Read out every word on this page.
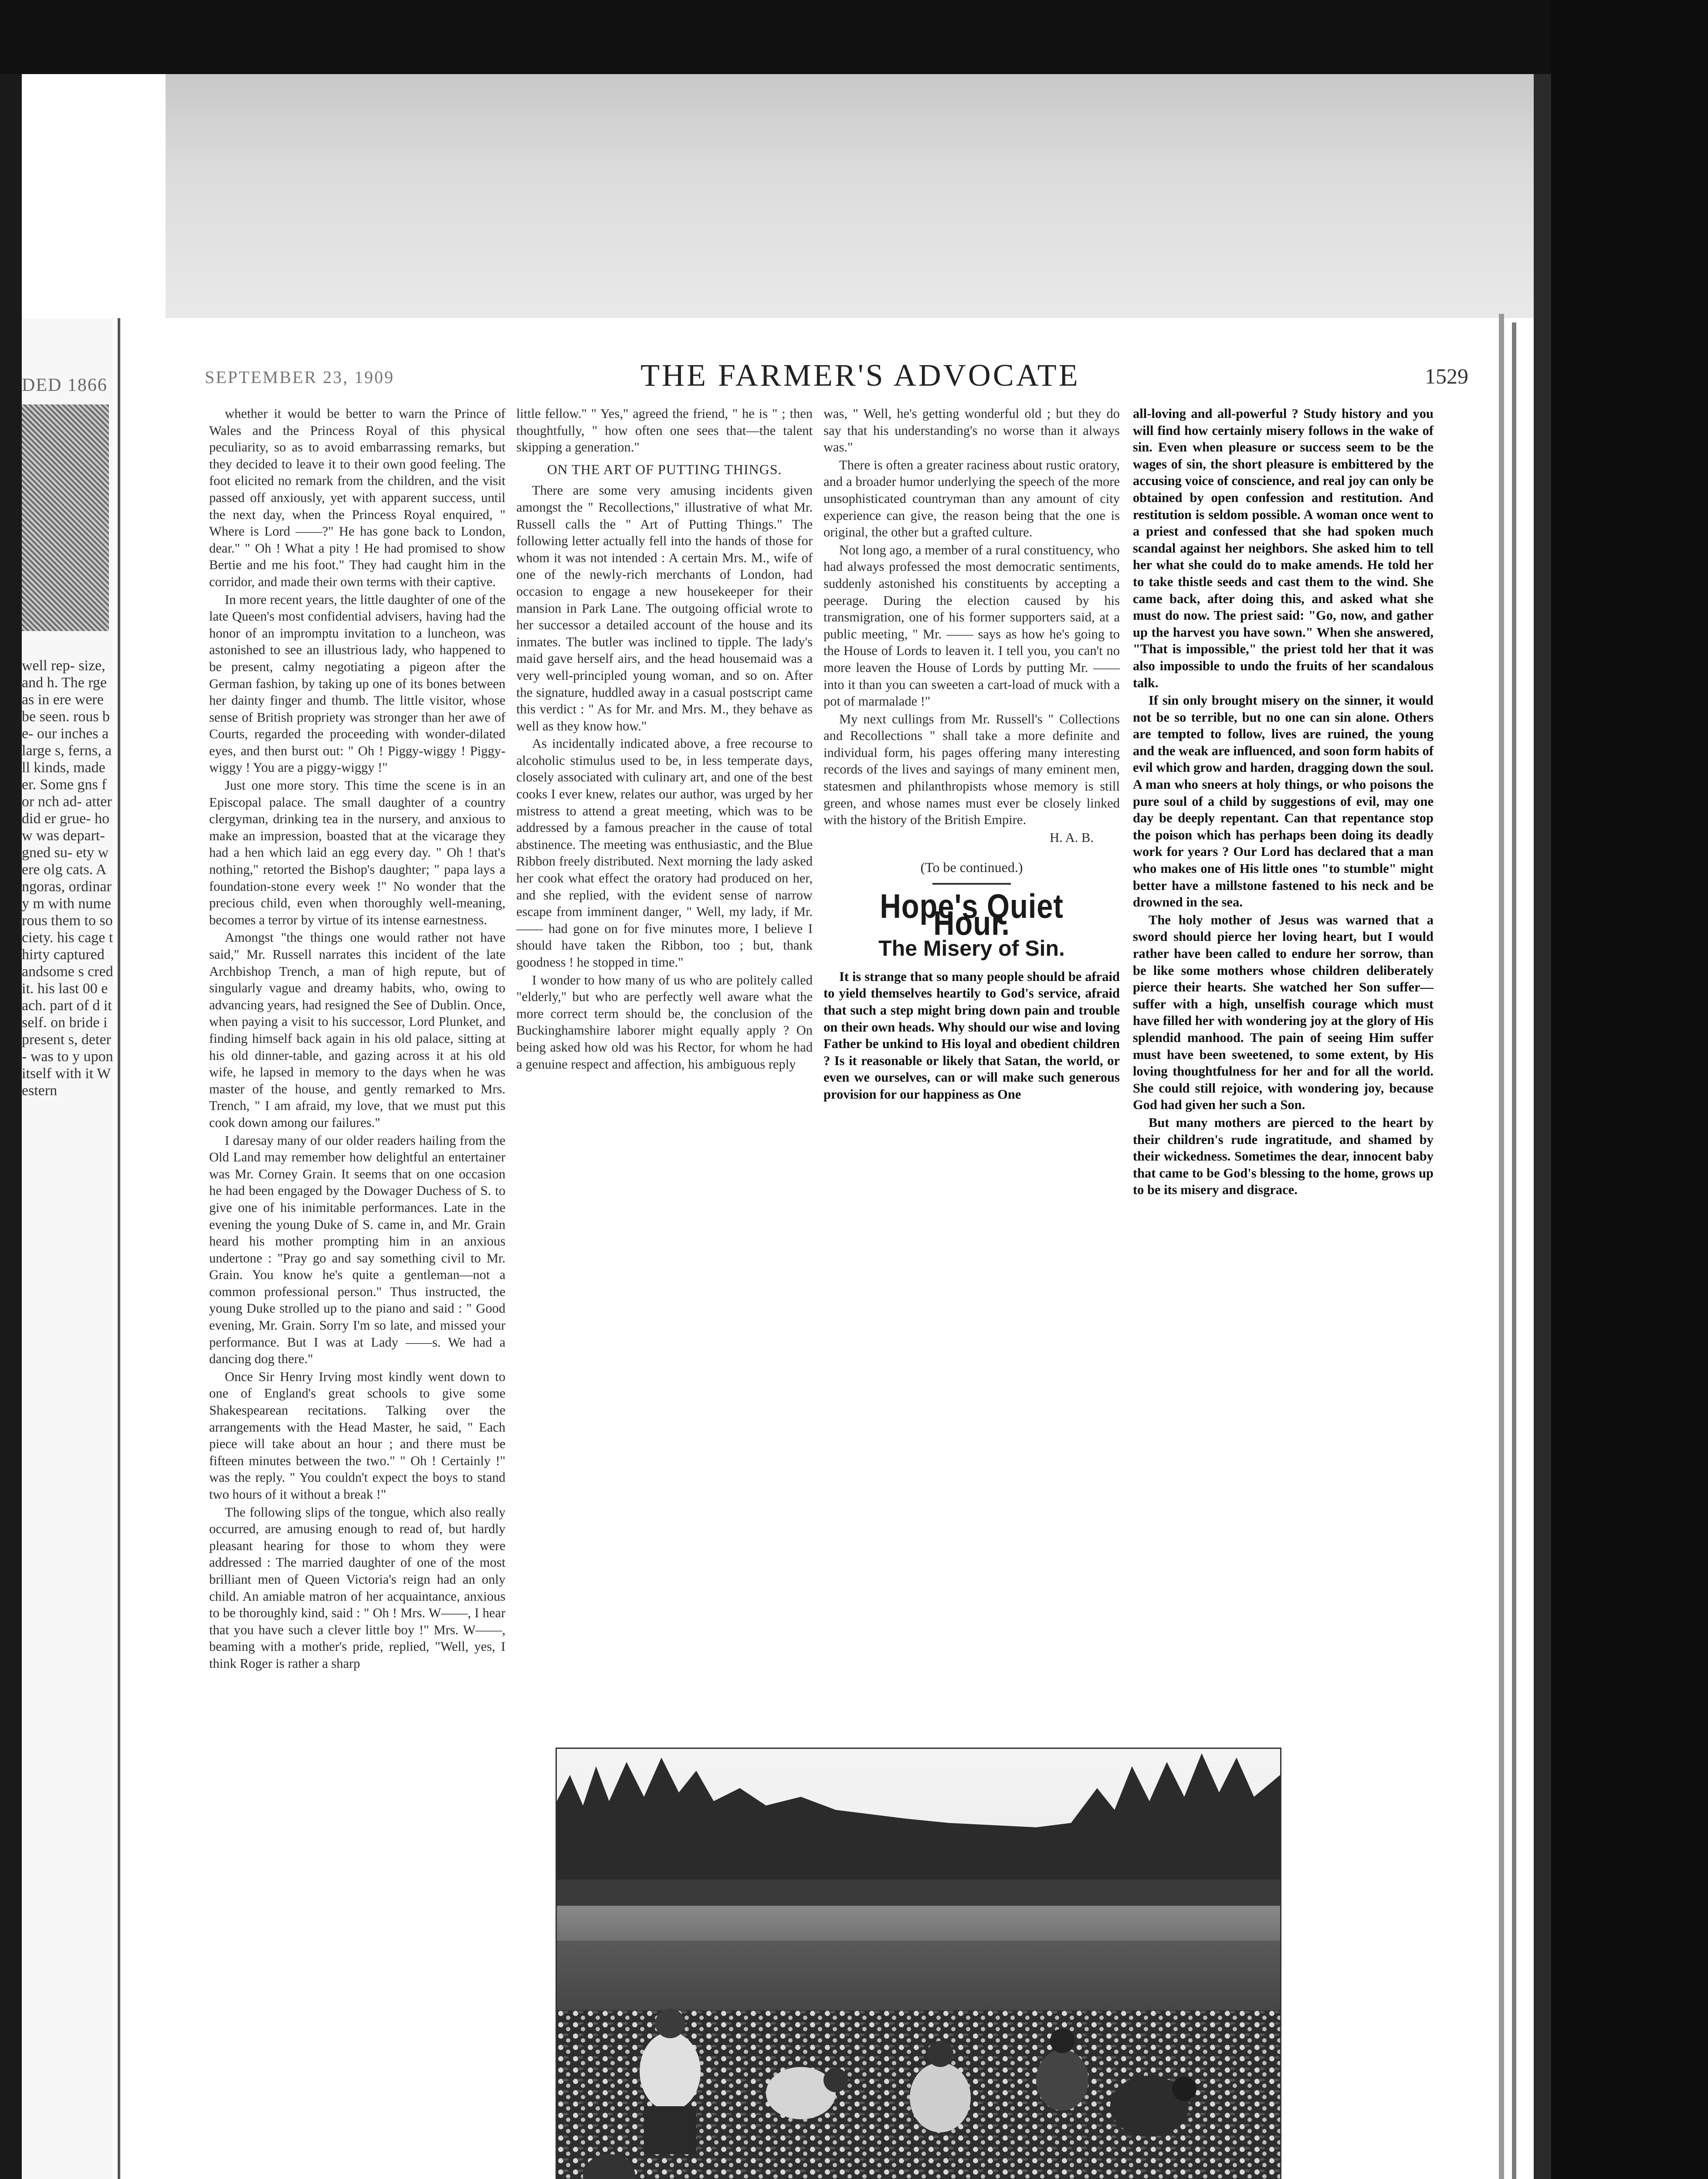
DED 1866
well rep- size, and h. The rge as in ere were be seen. rous be- our inches a large s, ferns, all kinds, made er. Some gns for nch ad- atter did er grue- how was depart- gned su- ety were olg cats. Angoras, ordinary m with numerous them to society. his cage thirty captured andsome s credit. his last 00 each. part of d itself. on bride ipresent s, deter- was to y upon itself with it Western
SEPTEMBER 23, 1909	THE FARMER'S ADVOCATE	1529

whether it would be better to warn the Prince of Wales and the Princess Royal of this physical peculiarity, so as to avoid embarrassing remarks, but they decided to leave it to their own good feeling. The foot elicited no remark from the children, and the visit passed off anxiously, yet with apparent success, until the next day, when the Princess Royal enquired, " Where is Lord ——?" He has gone back to London, dear." " Oh ! What a pity ! He had promised to show Bertie and me his foot." They had caught him in the corridor, and made their own terms with their captive.

In more recent years, the little daughter of one of the late Queen's most confidential advisers, having had the honor of an impromptu invitation to a luncheon, was astonished to see an illustrious lady, who happened to be present, calmy negotiating a pigeon after the German fashion, by taking up one of its bones between her dainty finger and thumb. The little visitor, whose sense of British propriety was stronger than her awe of Courts, regarded the proceeding with wonder-dilated eyes, and then burst out: " Oh ! Piggy-wiggy ! Piggy-wiggy ! You are a piggy-wiggy !"

Just one more story. This time the scene is in an Episcopal palace. The small daughter of a country clergyman, drinking tea in the nursery, and anxious to make an impression, boasted that at the vicarage they had a hen which laid an egg every day. " Oh ! that's nothing," retorted the Bishop's daughter; " papa lays a foundation-stone every week !" No wonder that the precious child, even when thoroughly well-meaning, becomes a terror by virtue of its intense earnestness.

Amongst "the things one would rather not have said," Mr. Russell narrates this incident of the late Archbishop Trench, a man of high repute, but of singularly vague and dreamy habits, who, owing to advancing years, had resigned the See of Dublin. Once, when paying a visit to his successor, Lord Plunket, and finding himself back again in his old palace, sitting at his old dinner-table, and gazing across it at his old wife, he lapsed in memory to the days when he was master of the house, and gently remarked to Mrs. Trench, " I am afraid, my love, that we must put this cook down among our failures."

I daresay many of our older readers hailing from the Old Land may remember how delightful an entertainer was Mr. Corney Grain. It seems that on one occasion he had been engaged by the Dowager Duchess of S. to give one of his inimitable performances. Late in the evening the young Duke of S. came in, and Mr. Grain heard his mother prompting him in an anxious undertone : "Pray go and say something civil to Mr. Grain. You know he's quite a gentleman—not a common professional person." Thus instructed, the young Duke strolled up to the piano and said : " Good evening, Mr. Grain. Sorry I'm so late, and missed your performance. But I was at Lady ——s. We had a dancing dog there."

Once Sir Henry Irving most kindly went down to one of England's great schools to give some Shakespearean recitations. Talking over the arrangements with the Head Master, he said, " Each piece will take about an hour ; and there must be fifteen minutes between the two." " Oh ! Certainly !" was the reply. " You couldn't expect the boys to stand two hours of it without a break !"

The following slips of the tongue, which also really occurred, are amusing enough to read of, but hardly pleasant hearing for those to whom they were addressed : The married daughter of one of the most brilliant men of Queen Victoria's reign had an only child. An amiable matron of her acquaintance, anxious to be thoroughly kind, said : " Oh ! Mrs. W——, I hear that you have such a clever little boy !" Mrs. W——, beaming with a mother's pride, replied, "Well, yes, I think Roger is rather a sharp

little fellow." " Yes," agreed the friend, " he is " ; then thoughtfully, " how often one sees that—the talent skipping a generation."

ON THE ART OF PUTTING THINGS.

There are some very amusing incidents given amongst the " Recollections," illustrative of what Mr. Russell calls the " Art of Putting Things." The following letter actually fell into the hands of those for whom it was not intended : A certain Mrs. M., wife of one of the newly-rich merchants of London, had occasion to engage a new housekeeper for their mansion in Park Lane. The outgoing official wrote to her successor a detailed account of the house and its inmates. The butler was inclined to tipple. The lady's maid gave herself airs, and the head housemaid was a very well-principled young woman, and so on. After the signature, huddled away in a casual postscript came this verdict : " As for Mr. and Mrs. M., they behave as well as they know how."

As incidentally indicated above, a free recourse to alcoholic stimulus used to be, in less temperate days, closely associated with culinary art, and one of the best cooks I ever knew, relates our author, was urged by her mistress to attend a great meeting, which was to be addressed by a famous preacher in the cause of total abstinence. The meeting was enthusiastic, and the Blue Ribbon freely distributed. Next morning the lady asked her cook what effect the oratory had produced on her, and she replied, with the evident sense of narrow escape from imminent danger, " Well, my lady, if Mr. —— had gone on for five minutes more, I believe I should have taken the Ribbon, too ; but, thank goodness ! he stopped in time."

I wonder to how many of us who are politely called "elderly," but who are perfectly well aware what the more correct term should be, the conclusion of the Buckinghamshire laborer might equally apply ? On being asked how old was his Rector, for whom he had a genuine respect and affection, his ambiguous reply

was, " Well, he's getting wonderful old ; but they do say that his understanding's no worse than it always was."

There is often a greater raciness about rustic oratory, and a broader humor underlying the speech of the more unsophisticated countryman than any amount of city experience can give, the reason being that the one is original, the other but a grafted culture.

Not long ago, a member of a rural constituency, who had always professed the most democratic sentiments, suddenly astonished his constituents by accepting a peerage. During the election caused by his transmigration, one of his former supporters said, at a public meeting, " Mr. —— says as how he's going to the House of Lords to leaven it. I tell you, you can't no more leaven the House of Lords by putting Mr. —— into it than you can sweeten a cart-load of muck with a pot of marmalade !"

My next cullings from Mr. Russell's " Collections and Recollections " shall take a more definite and individual form, his pages offering many interesting records of the lives and sayings of many eminent men, statesmen and philanthropists whose memory is still green, and whose names must ever be closely linked with the history of the British Empire.

H. A. B.
(To be continued.)
Hope's Quiet Hour.
The Misery of Sin.

It is strange that so many people should be afraid to yield themselves heartily to God's service, afraid that such a step might bring down pain and trouble on their own heads. Why should our wise and loving Father be unkind to His loyal and obedient children ? Is it reasonable or likely that Satan, the world, or even we ourselves, can or will make such generous provision for our happiness as One

all-loving and all-powerful ? Study history and you will find how certainly misery follows in the wake of sin. Even when pleasure or success seem to be the wages of sin, the short pleasure is embittered by the accusing voice of conscience, and real joy can only be obtained by open confession and restitution. And restitution is seldom possible. A woman once went to a priest and confessed that she had spoken much scandal against her neighbors. She asked him to tell her what she could do to make amends. He told her to take thistle seeds and cast them to the wind. She came back, after doing this, and asked what she must do now. The priest said: "Go, now, and gather up the harvest you have sown." When she answered, "That is impossible," the priest told her that it was also impossible to undo the fruits of her scandalous talk.

If sin only brought misery on the sinner, it would not be so terrible, but no one can sin alone. Others are tempted to follow, lives are ruined, the young and the weak are influenced, and soon form habits of evil which grow and harden, dragging down the soul. A man who sneers at holy things, or who poisons the pure soul of a child by suggestions of evil, may one day be deeply repentant. Can that repentance stop the poison which has perhaps been doing its deadly work for years ? Our Lord has declared that a man who makes one of His little ones "to stumble" might better have a millstone fastened to his neck and be drowned in the sea.

The holy mother of Jesus was warned that a sword should pierce her loving heart, but I would rather have been called to endure her sorrow, than be like some mothers whose children deliberately pierce their hearts. She watched her Son suffer—suffer with a high, unselfish courage which must have filled her with wondering joy at the glory of His splendid manhood. The pain of seeing Him suffer must have been sweetened, to some extent, by His loving thoughtfulness for her and for all the world. She could still rejoice, with wondering joy, because God had given her such a Son.

But many mothers are pierced to the heart by their children's rude ingratitude, and shamed by their wickedness. Sometimes the dear, innocent baby that came to be God's blessing to the home, grows up to be its misery and disgrace.
